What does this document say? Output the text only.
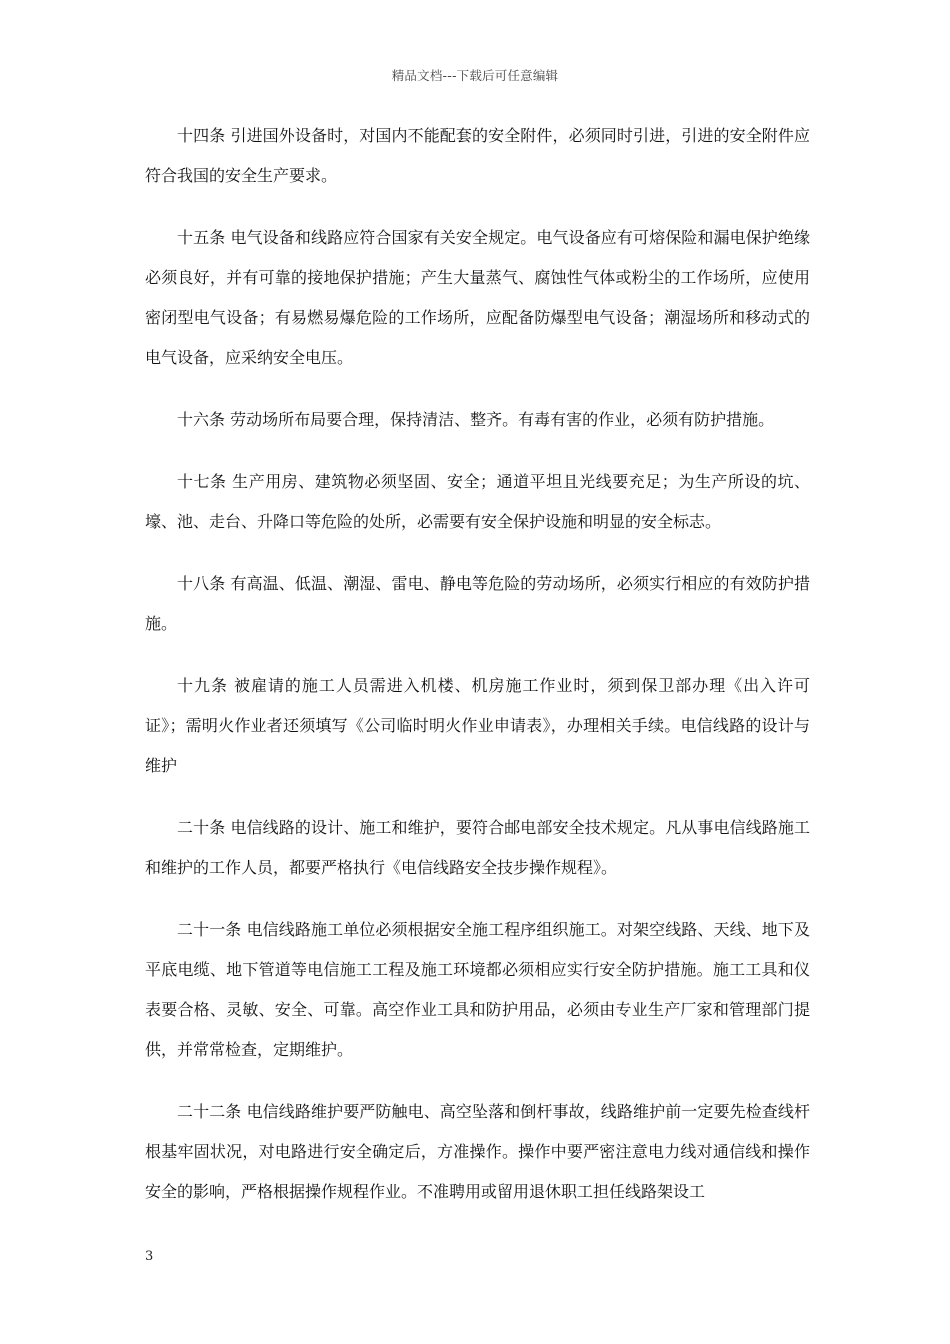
精品文档---下载后可任意编辑

十四条 引进国外设备时，对国内不能配套的安全附件，必须同时引进，引进的安全附件应符合我国的安全生产要求。

十五条 电气设备和线路应符合国家有关安全规定。电气设备应有可熔保险和漏电保护绝缘必须良好，并有可靠的接地保护措施；产生大量蒸气、腐蚀性气体或粉尘的工作场所，应使用密闭型电气设备；有易燃易爆危险的工作场所，应配备防爆型电气设备；潮湿场所和移动式的电气设备，应采纳安全电压。

十六条 劳动场所布局要合理，保持清洁、整齐。有毒有害的作业，必须有防护措施。

十七条 生产用房、建筑物必须坚固、安全；通道平坦且光线要充足；为生产所设的坑、壕、池、走台、升降口等危险的处所，必需要有安全保护设施和明显的安全标志。

十八条 有高温、低温、潮湿、雷电、静电等危险的劳动场所，必须实行相应的有效防护措施。

十九条 被雇请的施工人员需进入机楼、机房施工作业时，须到保卫部办理《出入许可证》；需明火作业者还须填写《公司临时明火作业申请表》，办理相关手续。电信线路的设计与维护

二十条 电信线路的设计、施工和维护，要符合邮电部安全技术规定。凡从事电信线路施工和维护的工作人员，都要严格执行《电信线路安全技步操作规程》。

二十一条 电信线路施工单位必须根据安全施工程序组织施工。对架空线路、天线、地下及平底电缆、地下管道等电信施工工程及施工环境都必须相应实行安全防护措施。施工工具和仪表要合格、灵敏、安全、可靠。高空作业工具和防护用品，必须由专业生产厂家和管理部门提供，并常常检查，定期维护。

二十二条 电信线路维护要严防触电、高空坠落和倒杆事故，线路维护前一定要先检查线杆根基牢固状况，对电路进行安全确定后，方准操作。操作中要严密注意电力线对通信线和操作安全的影响，严格根据操作规程作业。不准聘用或留用退休职工担任线路架设工

3
